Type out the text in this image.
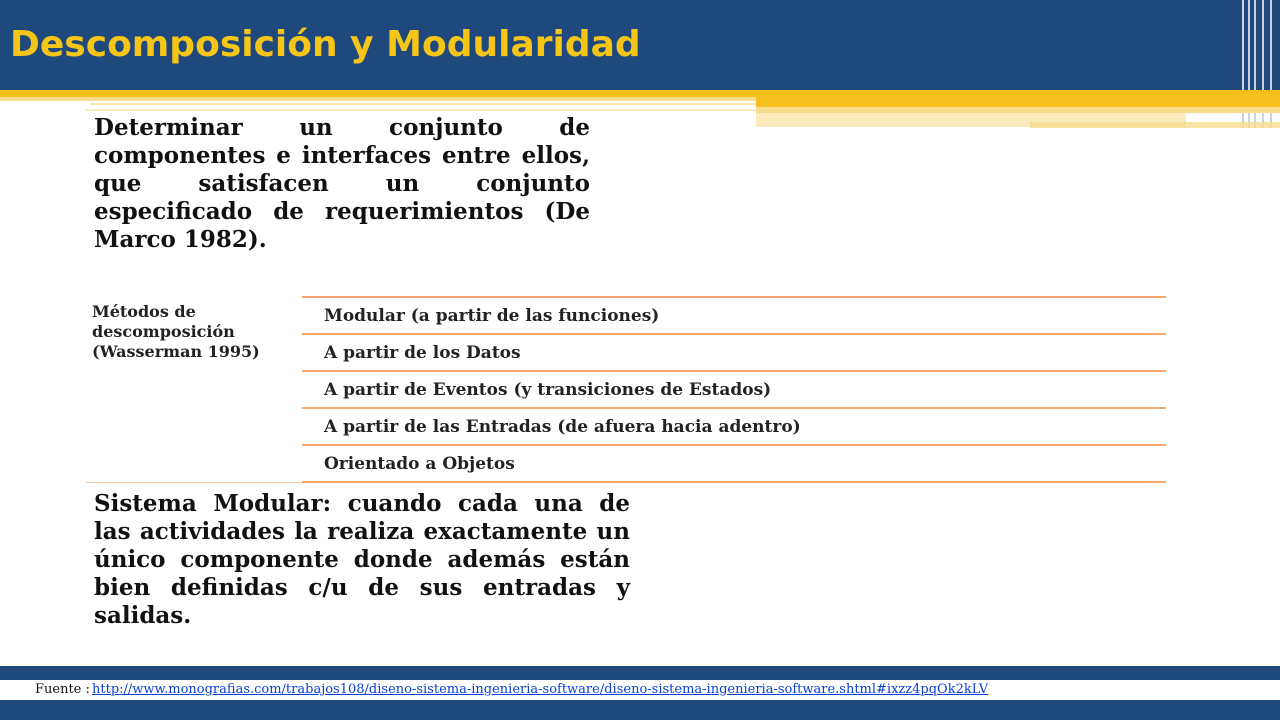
Descomposición y Modularidad

Determinar un conjunto de componentes e interfaces entre ellos, que satisfacen un conjunto especificado de requerimientos (De Marco 1982).

Métodos de descomposición (Wasserman 1995)

Modular (a partir de las funciones)
A partir de los Datos
A partir de Eventos (y transiciones de Estados)
A partir de las Entradas (de afuera hacia adentro)
Orientado a Objetos

Sistema Modular: cuando cada una de las actividades la realiza exactamente un único componente donde además están bien definidas c/u de sus entradas y salidas.

Fuente : http://www.monografias.com/trabajos108/diseno-sistema-ingenieria-software/diseno-sistema-ingenieria-software.shtml#ixzz4pqOk2kLV
